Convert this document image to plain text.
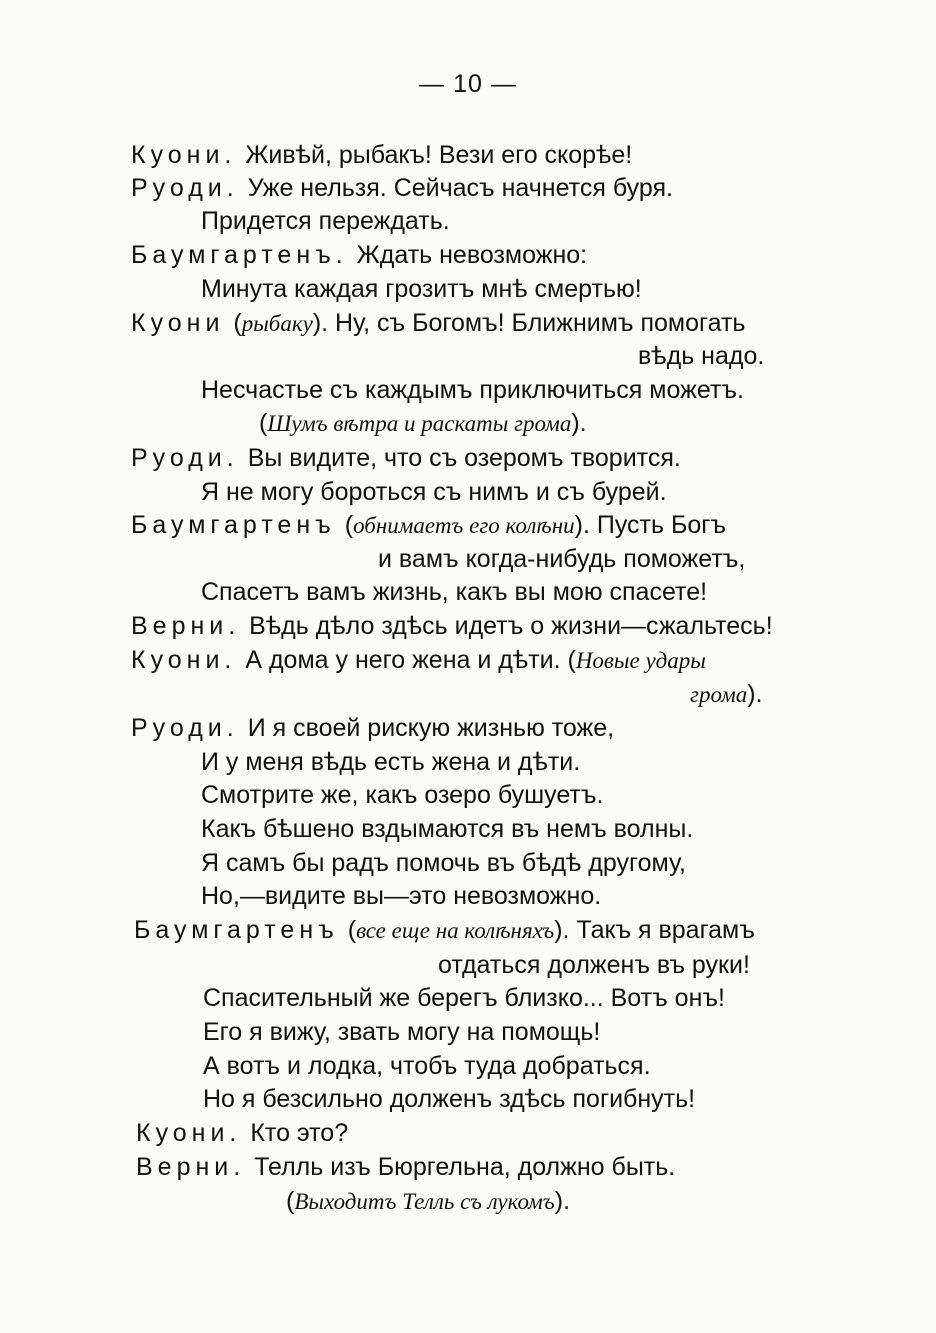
— 10 —
Куони. Живѣй, рыбакъ! Вези его скорѣе!
Руоди. Уже нельзя. Сейчасъ начнется буря.
Придется переждать.
Баумгартенъ. Ждать невозможно:
Минута каждая грозитъ мнѣ смертью!
Куони (рыбаку). Ну, съ Богомъ! Ближнимъ помогать
вѣдь надо.
Несчастье съ каждымъ приключиться можетъ.
(Шумъ вѣтра и раскаты грома).
Руоди. Вы видите, что съ озеромъ творится.
Я не могу бороться съ нимъ и съ бурей.
Баумгартенъ (обнимаетъ его колѣни). Пусть Богъ
и вамъ когда-нибудь поможетъ,
Спасетъ вамъ жизнь, какъ вы мою спасете!
Верни. Вѣдь дѣло здѣсь идетъ о жизни—сжальтесь!
Куони. А дома у него жена и дѣти. (Новые удары
грома).
Руоди. И я своей рискую жизнью тоже,
И у меня вѣдь есть жена и дѣти.
Смотрите же, какъ озеро бушуетъ.
Какъ бѣшено вздымаются въ немъ волны.
Я самъ бы радъ помочь въ бѣдѣ другому,
Но,—видите вы—это невозможно.
Баумгартенъ (все еще на колѣняхъ). Такъ я врагамъ
отдаться долженъ въ руки!
Спасительный же берегъ близко... Вотъ онъ!
Его я вижу, звать могу на помощь!
А вотъ и лодка, чтобъ туда добраться.
Но я безсильно долженъ здѣсь погибнуть!
Куони. Кто это?
Верни. Телль изъ Бюргельна, должно быть.
(Выходитъ Телль съ лукомъ).
